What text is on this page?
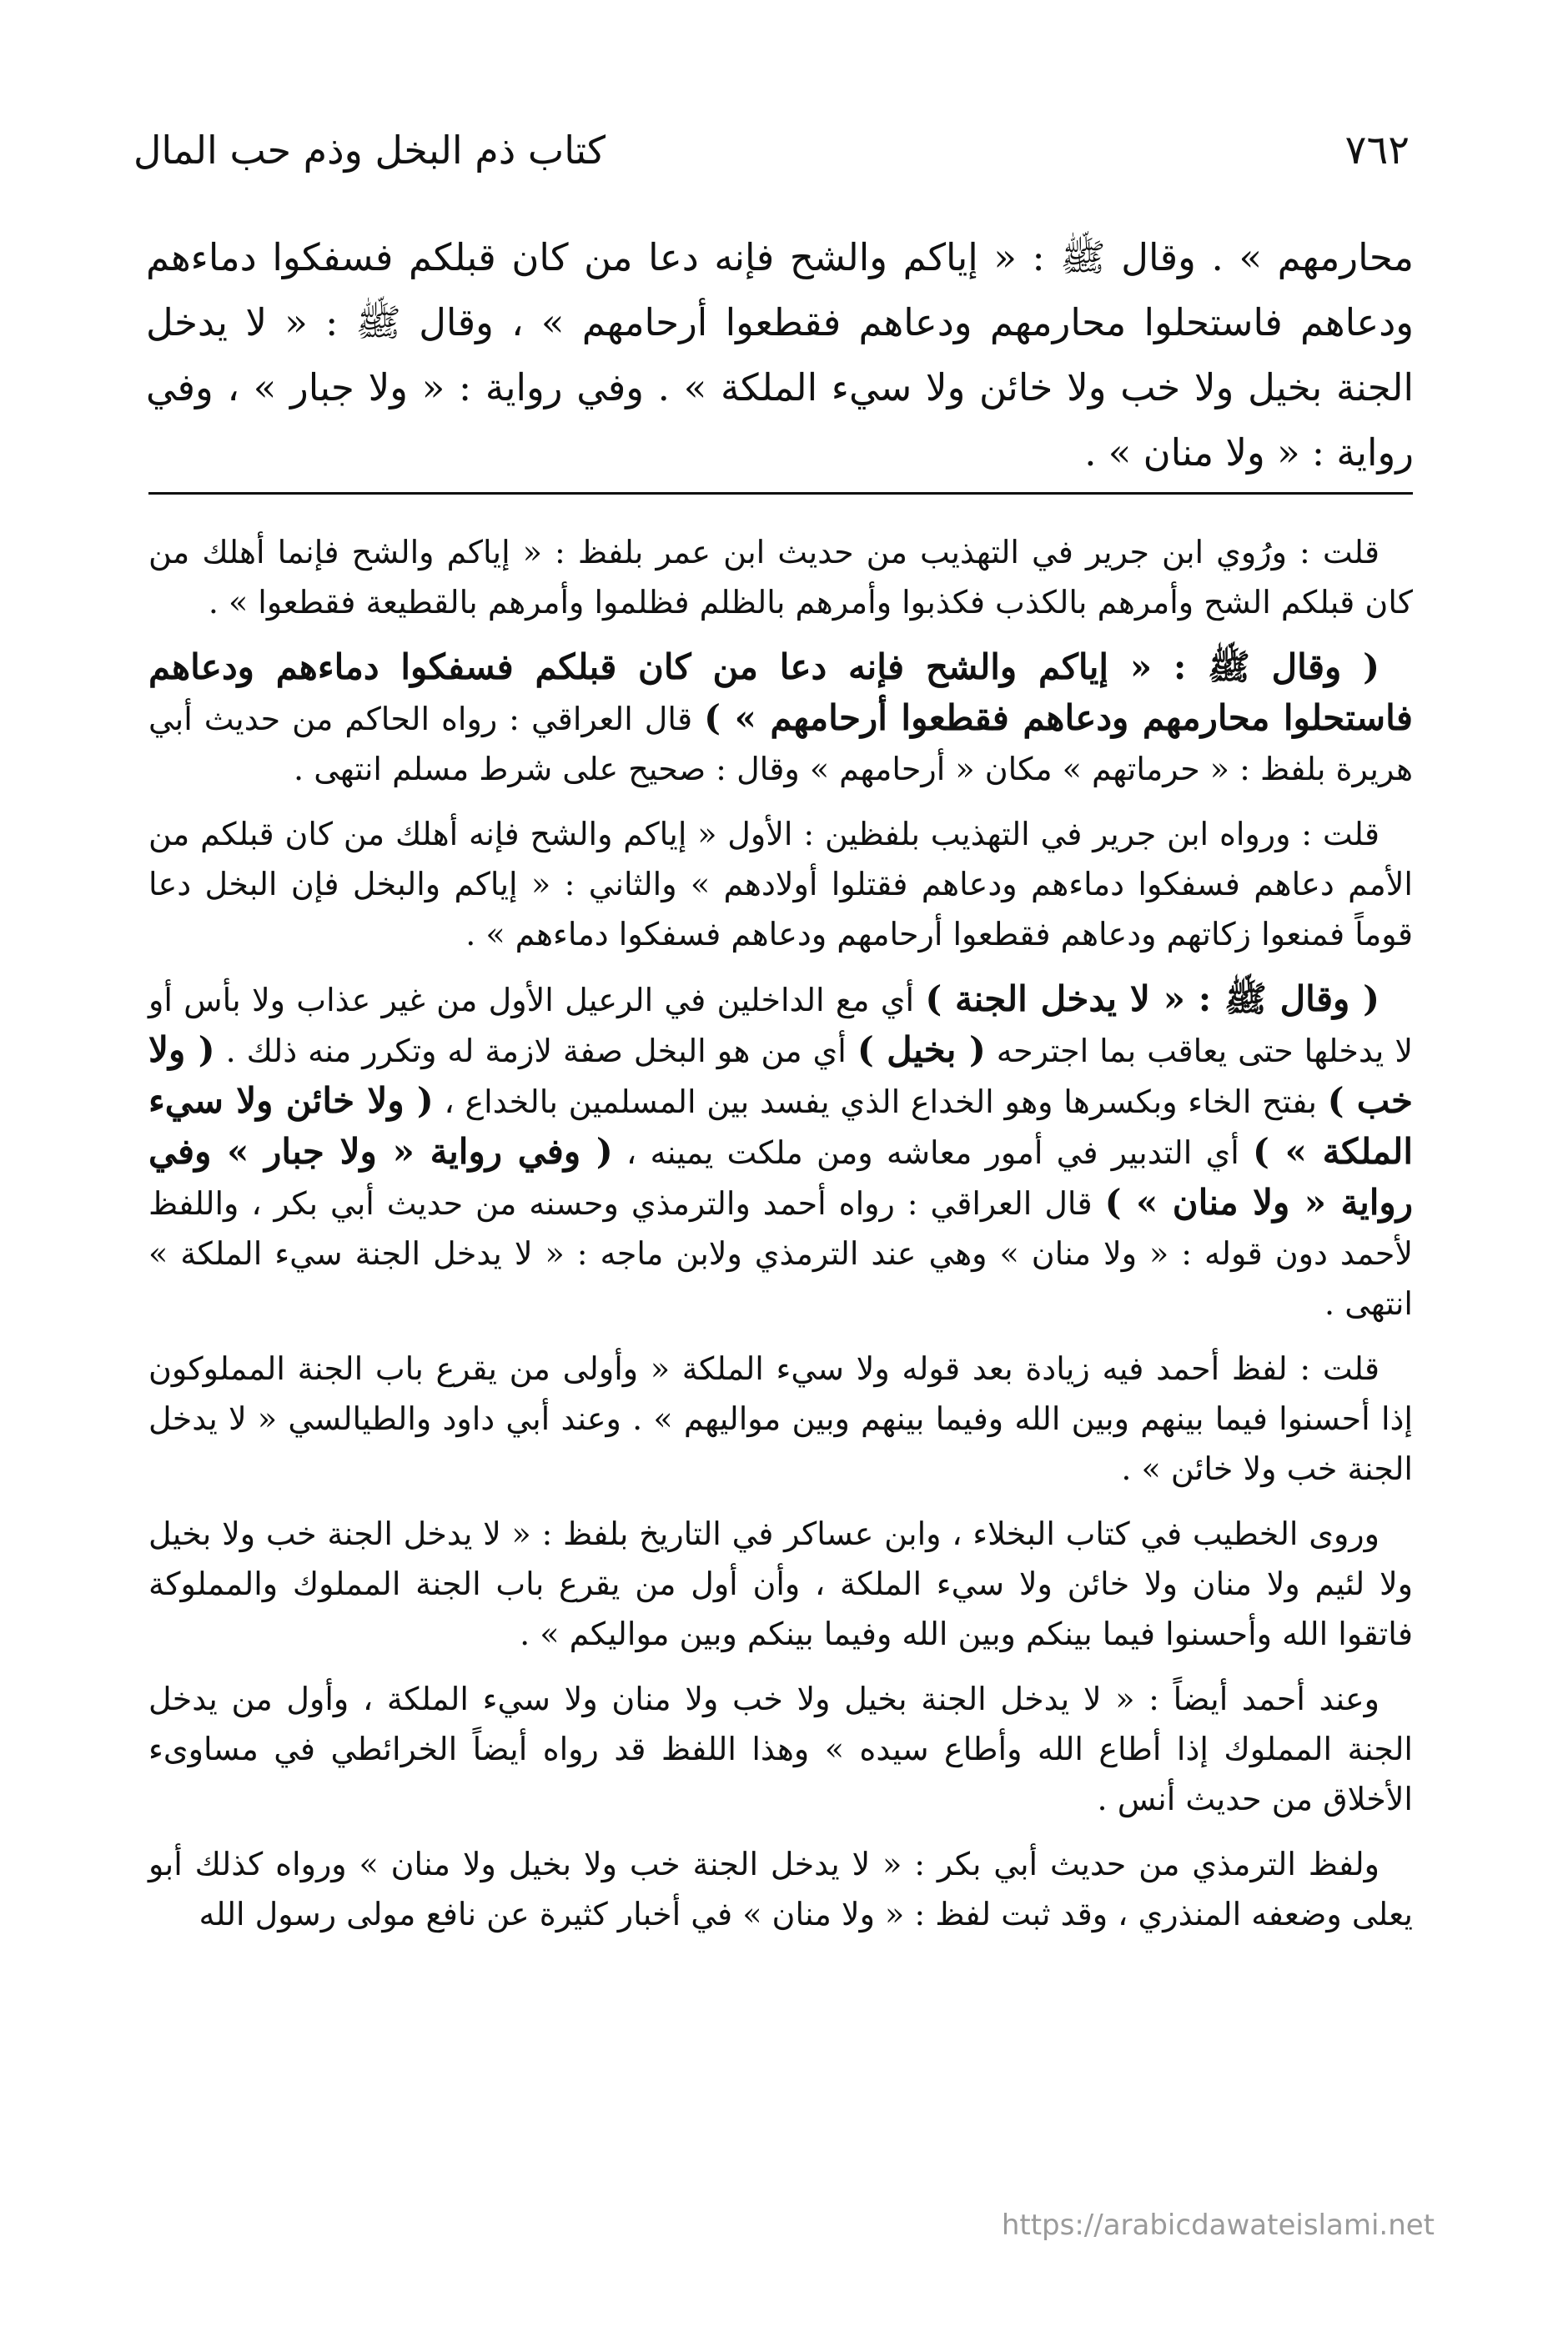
٧٦٢
كتاب ذم البخل وذم حب المال

محارمهم » . وقال ﷺ : « إياكم والشح فإنه دعا من كان قبلكم فسفكوا دماءهم ودعاهم فاستحلوا محارمهم ودعاهم فقطعوا أرحامهم » ، وقال ﷺ : « لا يدخل الجنة بخيل ولا خب ولا خائن ولا سيء الملكة » . وفي رواية : « ولا جبار » ، وفي رواية : « ولا منان » .

قلت : ورُوي ابن جرير في التهذيب من حديث ابن عمر بلفظ : « إياكم والشح فإنما أهلك من كان قبلكم الشح وأمرهم بالكذب فكذبوا وأمرهم بالظلم فظلموا وأمرهم بالقطيعة فقطعوا » .

( وقال ﷺ : « إياكم والشح فإنه دعا من كان قبلكم فسفكوا دماءهم ودعاهم فاستحلوا محارمهم ودعاهم فقطعوا أرحامهم » ) قال العراقي : رواه الحاكم من حديث أبي هريرة بلفظ : « حرماتهم » مكان « أرحامهم » وقال : صحيح على شرط مسلم انتهى .

قلت : ورواه ابن جرير في التهذيب بلفظين : الأول « إياكم والشح فإنه أهلك من كان قبلكم من الأمم دعاهم فسفكوا دماءهم ودعاهم فقتلوا أولادهم » والثاني : « إياكم والبخل فإن البخل دعا قوماً فمنعوا زكاتهم ودعاهم فقطعوا أرحامهم ودعاهم فسفكوا دماءهم » .

( وقال ﷺ : « لا يدخل الجنة ) أي مع الداخلين في الرعيل الأول من غير عذاب ولا بأس أو لا يدخلها حتى يعاقب بما اجترحه ( بخيل ) أي من هو البخل صفة لازمة له وتكرر منه ذلك . ( ولا خب ) بفتح الخاء وبكسرها وهو الخداع الذي يفسد بين المسلمين بالخداع ، ( ولا خائن ولا سيء الملكة » ) أي التدبير في أمور معاشه ومن ملكت يمينه ، ( وفي رواية « ولا جبار » وفي رواية « ولا منان » ) قال العراقي : رواه أحمد والترمذي وحسنه من حديث أبي بكر ، واللفظ لأحمد دون قوله : « ولا منان » وهي عند الترمذي ولابن ماجه : « لا يدخل الجنة سيء الملكة » انتهى .

قلت : لفظ أحمد فيه زيادة بعد قوله ولا سيء الملكة « وأولى من يقرع باب الجنة المملوكون إذا أحسنوا فيما بينهم وبين الله وفيما بينهم وبين مواليهم » . وعند أبي داود والطيالسي « لا يدخل الجنة خب ولا خائن » .

وروى الخطيب في كتاب البخلاء ، وابن عساكر في التاريخ بلفظ : « لا يدخل الجنة خب ولا بخيل ولا لئيم ولا منان ولا خائن ولا سيء الملكة ، وأن أول من يقرع باب الجنة المملوك والمملوكة فاتقوا الله وأحسنوا فيما بينكم وبين الله وفيما بينكم وبين مواليكم » .

وعند أحمد أيضاً : « لا يدخل الجنة بخيل ولا خب ولا منان ولا سيء الملكة ، وأول من يدخل الجنة المملوك إذا أطاع الله وأطاع سيده » وهذا اللفظ قد رواه أيضاً الخرائطي في مساوىء الأخلاق من حديث أنس .

ولفظ الترمذي من حديث أبي بكر : « لا يدخل الجنة خب ولا بخيل ولا منان » ورواه كذلك أبو يعلى وضعفه المنذري ، وقد ثبت لفظ : « ولا منان » في أخبار كثيرة عن نافع مولى رسول الله

https://arabicdawateislami.net
